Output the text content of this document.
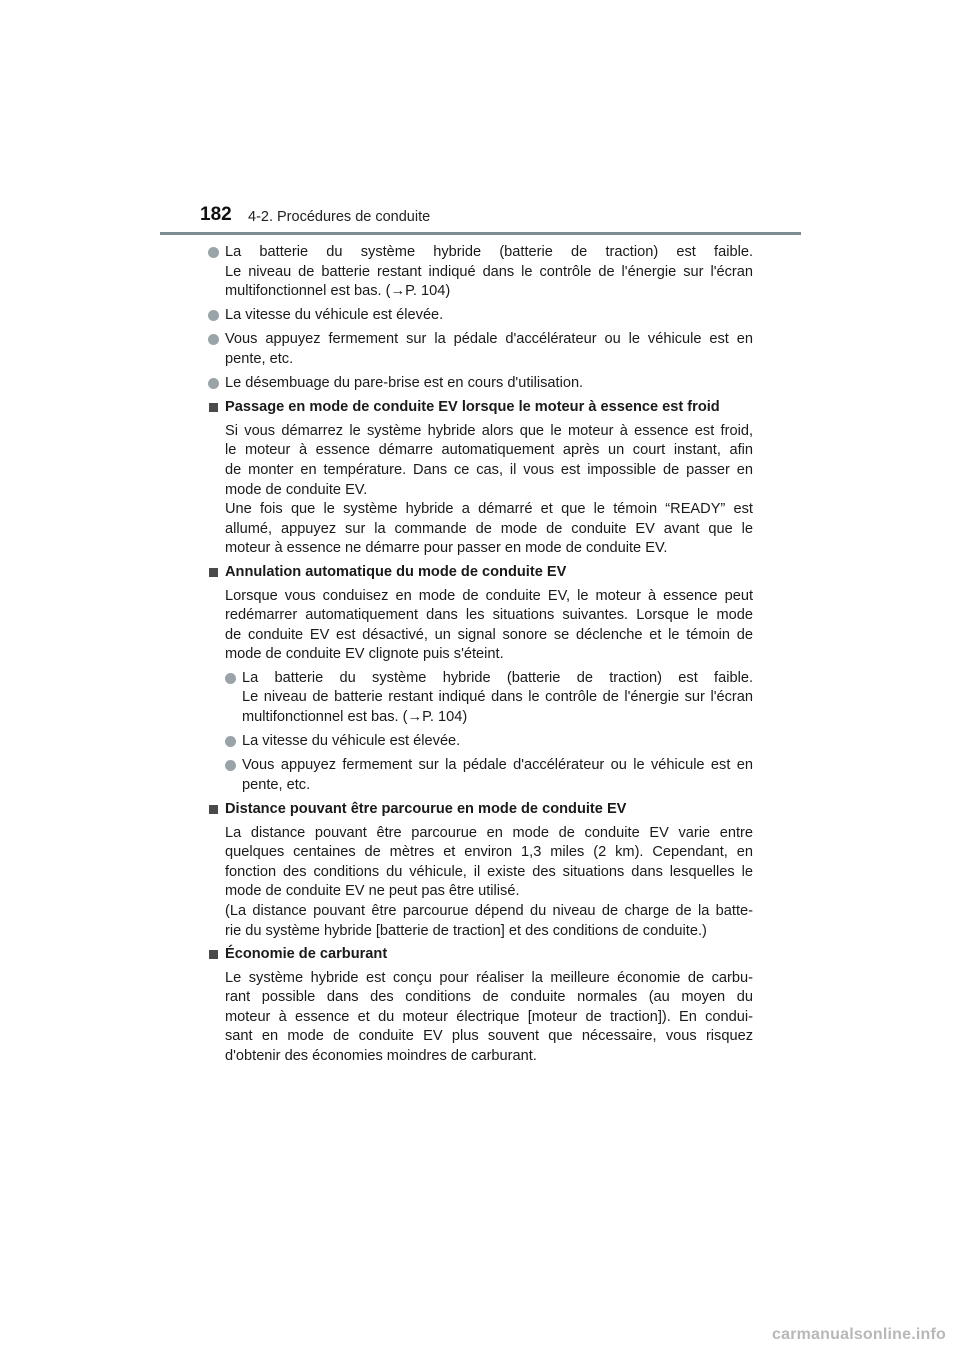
182 4-2. Procédures de conduite
La batterie du système hybride (batterie de traction) est faible.
Le niveau de batterie restant indiqué dans le contrôle de l'énergie sur l'écran
multifonctionnel est bas. (→P. 104)
La vitesse du véhicule est élevée.
Vous appuyez fermement sur la pédale d'accélérateur ou le véhicule est en
pente, etc.
Le désembuage du pare-brise est en cours d'utilisation.
Passage en mode de conduite EV lorsque le moteur à essence est froid
Si vous démarrez le système hybride alors que le moteur à essence est froid,
le moteur à essence démarre automatiquement après un court instant, afin
de monter en température. Dans ce cas, il vous est impossible de passer en
mode de conduite EV.
Une fois que le système hybride a démarré et que le témoin “READY” est
allumé, appuyez sur la commande de mode de conduite EV avant que le
moteur à essence ne démarre pour passer en mode de conduite EV.
Annulation automatique du mode de conduite EV
Lorsque vous conduisez en mode de conduite EV, le moteur à essence peut
redémarrer automatiquement dans les situations suivantes. Lorsque le mode
de conduite EV est désactivé, un signal sonore se déclenche et le témoin de
mode de conduite EV clignote puis s'éteint.
La batterie du système hybride (batterie de traction) est faible.
Le niveau de batterie restant indiqué dans le contrôle de l'énergie sur l'écran
multifonctionnel est bas. (→P. 104)
La vitesse du véhicule est élevée.
Vous appuyez fermement sur la pédale d'accélérateur ou le véhicule est en
pente, etc.
Distance pouvant être parcourue en mode de conduite EV
La distance pouvant être parcourue en mode de conduite EV varie entre
quelques centaines de mètres et environ 1,3 miles (2 km). Cependant, en
fonction des conditions du véhicule, il existe des situations dans lesquelles le
mode de conduite EV ne peut pas être utilisé.
(La distance pouvant être parcourue dépend du niveau de charge de la batte-
rie du système hybride [batterie de traction] et des conditions de conduite.)
Économie de carburant
Le système hybride est conçu pour réaliser la meilleure économie de carbu-
rant possible dans des conditions de conduite normales (au moyen du
moteur à essence et du moteur électrique [moteur de traction]). En condui-
sant en mode de conduite EV plus souvent que nécessaire, vous risquez
d'obtenir des économies moindres de carburant.
carmanualsonline.info
